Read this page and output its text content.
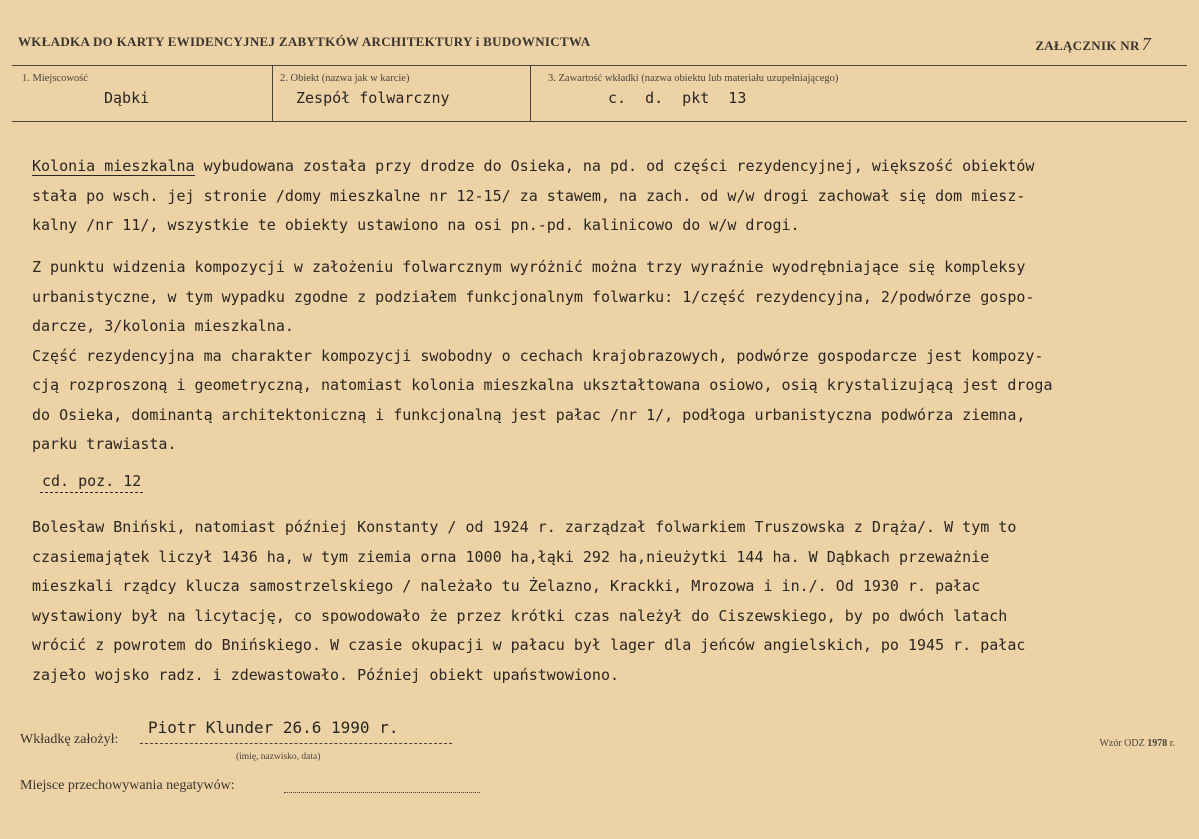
WKŁADKA DO KARTY EWIDENCYJNEJ ZABYTKÓW ARCHITEKTURY i BUDOWNICTWA	ZAŁĄCZNIK NR 7
1. Miejscowość
Dąbki
2. Obiekt (nazwa jak w karcie)
Zespół folwarczny
3. Zawartość wkładki (nazwa obiektu lub materiału uzupełniającego)
c. d. pkt 13
Kolonia mieszkalna wybudowana została przy drodze do Osieka, na pd. od części rezydencyjnej, większość obiektów
stała po wsch. jej stronie /domy mieszkalne nr 12-15/ za stawem, na zach. od w/w drogi zachował się dom miesz-
kalny /nr 11/, wszystkie te obiekty ustawiono na osi pn.-pd. kalinicowo do w/w drogi.
Z punktu widzenia kompozycji w założeniu folwarcznym wyróżnić można trzy wyraźnie wyodrębniające się kompleksy
urbanistyczne, w tym wypadku zgodne z podziałem funkcjonalnym folwarku: 1/część rezydencyjna, 2/podwórze gospo-
darcze, 3/kolonia mieszkalna.
Część rezydencyjna ma charakter kompozycji swobodny o cechach krajobrazowych, podwórze gospodarcze jest kompozy-
cją rozproszoną i geometryczną, natomiast kolonia mieszkalna ukształtowana osiowo, osią krystalizującą jest droga
do Osieka, dominantą architektoniczną i funkcjonalną jest pałac /nr 1/, podłoga urbanistyczna podwórza ziemna,
parku trawiasta.
cd. poz. 12
Bolesław Bniński, natomiast później Konstanty / od 1924 r. zarządzał folwarkiem Truszowska z Drąża/. W tym to
czasiemajątek liczył 1436 ha, w tym ziemia orna 1000 ha,łąki 292 ha,nieużytki 144 ha. W Dąbkach przeważnie
mieszkali rządcy klucza samostrzelskiego / należało tu Żelazno, Krackki, Mrozowa i in./. Od 1930 r. pałac
wystawiony był na licytację, co spowodowało że przez krótki czas należył do Ciszewskiego, by po dwóch latach
wrócić z powrotem do Bnińskiego. W czasie okupacji w pałacu był lager dla jeńców angielskich, po 1945 r. pałac
zajeło wojsko radz. i zdewastowało. Później obiekt upaństwowiono.
Wkładkę założył:
Piotr Klunder 26.6 1990 r.
(imię, nazwisko, data)
Miejsce przechowywania negatywów:
Wzór ODZ 1978 r.
